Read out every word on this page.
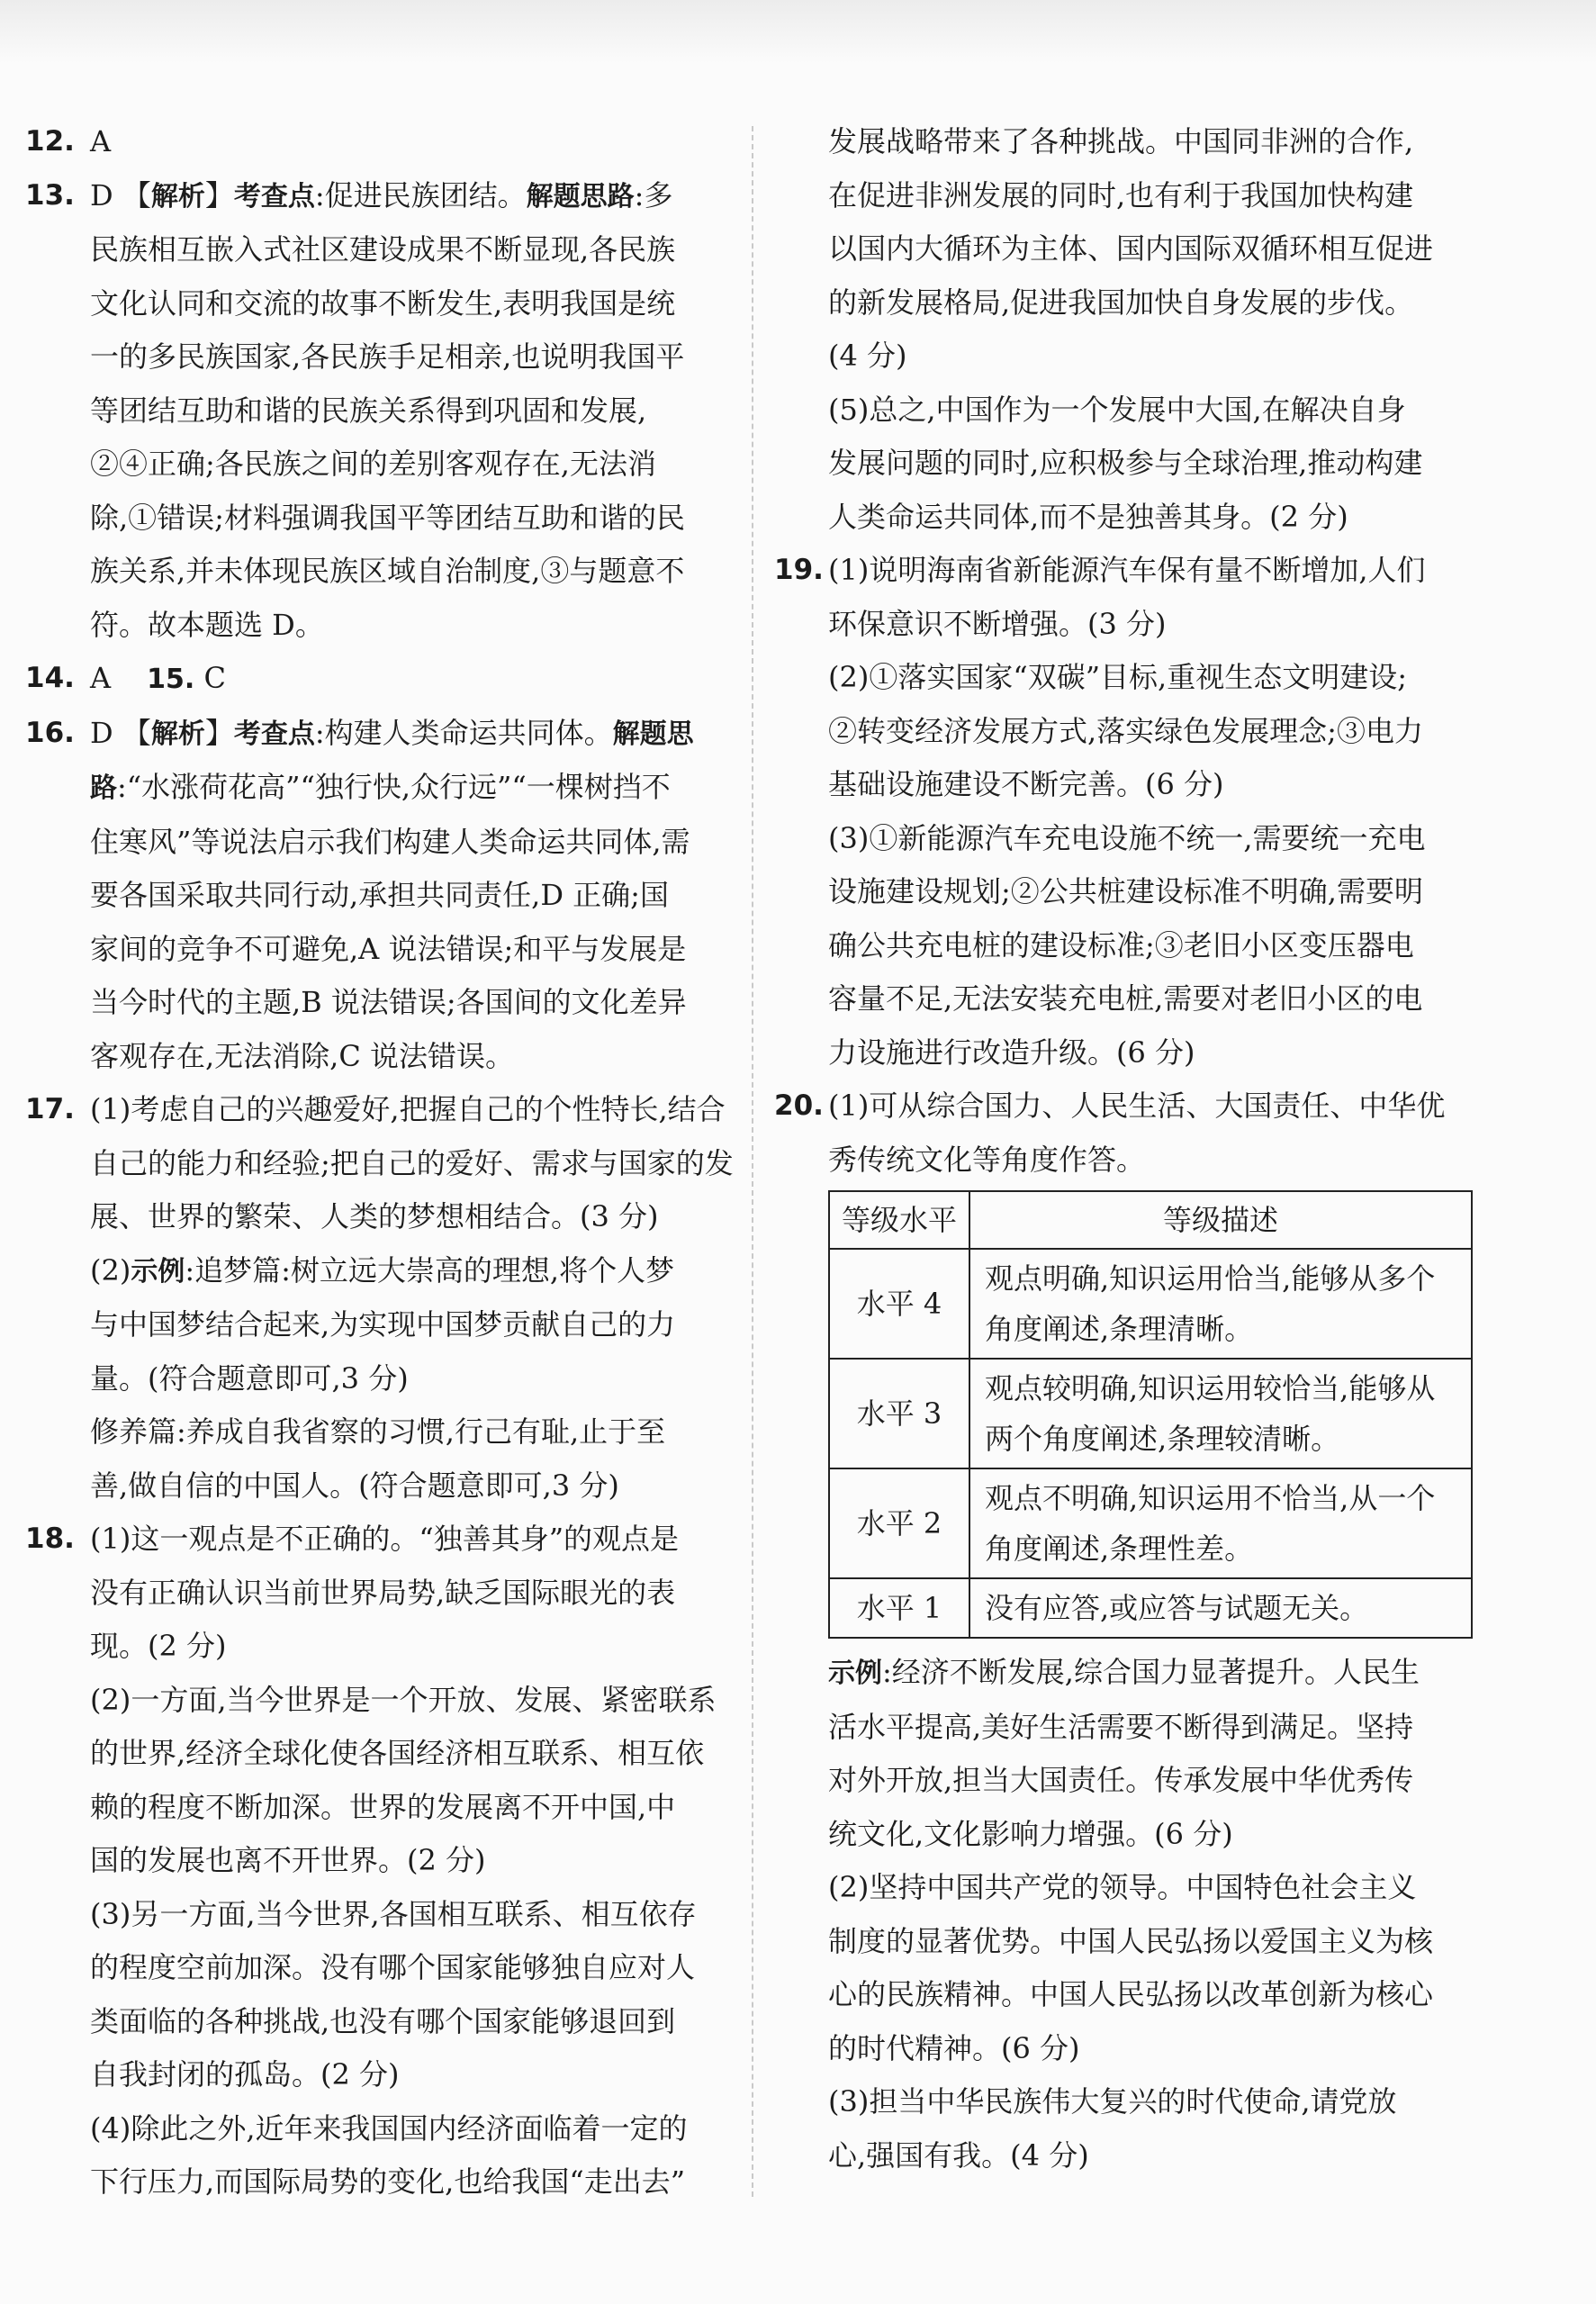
12. A
13. D 【解析】考查点:促进民族团结。解题思路:多
民族相互嵌入式社区建设成果不断显现,各民族
文化认同和交流的故事不断发生,表明我国是统
一的多民族国家,各民族手足相亲,也说明我国平
等团结互助和谐的民族关系得到巩固和发展,
②④正确;各民族之间的差别客观存在,无法消
除,①错误;材料强调我国平等团结互助和谐的民
族关系,并未体现民族区域自治制度,③与题意不
符。故本题选 D。
14. A 15. C
16. D 【解析】考查点:构建人类命运共同体。解题思
路:“水涨荷花高”“独行快,众行远”“一棵树挡不
住寒风”等说法启示我们构建人类命运共同体,需
要各国采取共同行动,承担共同责任,D 正确;国
家间的竞争不可避免,A 说法错误;和平与发展是
当今时代的主题,B 说法错误;各国间的文化差异
客观存在,无法消除,C 说法错误。
17. (1)考虑自己的兴趣爱好,把握自己的个性特长,结合
自己的能力和经验;把自己的爱好、需求与国家的发
展、世界的繁荣、人类的梦想相结合。(3 分)
(2)示例:追梦篇:树立远大崇高的理想,将个人梦
与中国梦结合起来,为实现中国梦贡献自己的力
量。(符合题意即可,3 分)
修养篇:养成自我省察的习惯,行己有耻,止于至
善,做自信的中国人。(符合题意即可,3 分)
18. (1)这一观点是不正确的。“独善其身”的观点是
没有正确认识当前世界局势,缺乏国际眼光的表
现。(2 分)
(2)一方面,当今世界是一个开放、发展、紧密联系
的世界,经济全球化使各国经济相互联系、相互依
赖的程度不断加深。世界的发展离不开中国,中
国的发展也离不开世界。(2 分)
(3)另一方面,当今世界,各国相互联系、相互依存
的程度空前加深。没有哪个国家能够独自应对人
类面临的各种挑战,也没有哪个国家能够退回到
自我封闭的孤岛。(2 分)
(4)除此之外,近年来我国国内经济面临着一定的
下行压力,而国际局势的变化,也给我国“走出去”
发展战略带来了各种挑战。中国同非洲的合作,
在促进非洲发展的同时,也有利于我国加快构建
以国内大循环为主体、国内国际双循环相互促进
的新发展格局,促进我国加快自身发展的步伐。
(4 分)
(5)总之,中国作为一个发展中大国,在解决自身
发展问题的同时,应积极参与全球治理,推动构建
人类命运共同体,而不是独善其身。(2 分)
19. (1)说明海南省新能源汽车保有量不断增加,人们
环保意识不断增强。(3 分)
(2)①落实国家“双碳”目标,重视生态文明建设;
②转变经济发展方式,落实绿色发展理念;③电力
基础设施建设不断完善。(6 分)
(3)①新能源汽车充电设施不统一,需要统一充电
设施建设规划;②公共桩建设标准不明确,需要明
确公共充电桩的建设标准;③老旧小区变压器电
容量不足,无法安装充电桩,需要对老旧小区的电
力设施进行改造升级。(6 分)
20. (1)可从综合国力、人民生活、大国责任、中华优
秀传统文化等角度作答。
等级水平	等级描述
水平 4	观点明确,知识运用恰当,能够从多个角度阐述,条理清晰。
水平 3	观点较明确,知识运用较恰当,能够从两个角度阐述,条理较清晰。
水平 2	观点不明确,知识运用不恰当,从一个角度阐述,条理性差。
水平 1	没有应答,或应答与试题无关。
示例:经济不断发展,综合国力显著提升。人民生
活水平提高,美好生活需要不断得到满足。坚持
对外开放,担当大国责任。传承发展中华优秀传
统文化,文化影响力增强。(6 分)
(2)坚持中国共产党的领导。中国特色社会主义
制度的显著优势。中国人民弘扬以爱国主义为核
心的民族精神。中国人民弘扬以改革创新为核心
的时代精神。(6 分)
(3)担当中华民族伟大复兴的时代使命,请党放
心,强国有我。(4 分)
